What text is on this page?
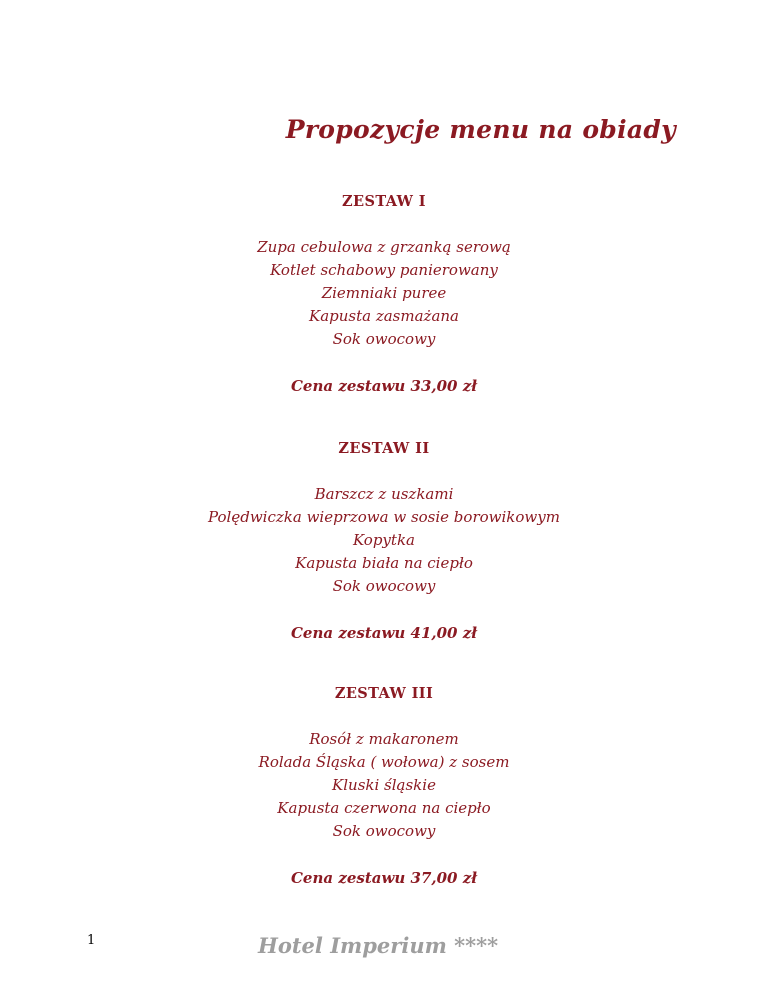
Propozycje menu na obiady

ZESTAW I

Zupa cebulowa z grzanką serową
Kotlet schabowy panierowany
Ziemniaki puree
Kapusta zasmażana
Sok owocowy

Cena zestawu 33,00 zł

ZESTAW II

Barszcz z uszkami
Polędwiczka wieprzowa w sosie borowikowym
Kopytka
Kapusta biała na ciepło
Sok owocowy

Cena zestawu 41,00 zł

ZESTAW III

Rosół z makaronem
Rolada Śląska ( wołowa) z sosem
Kluski śląskie
Kapusta czerwona na ciepło
Sok owocowy

Cena zestawu 37,00 zł

1	Hotel Imperium ****
